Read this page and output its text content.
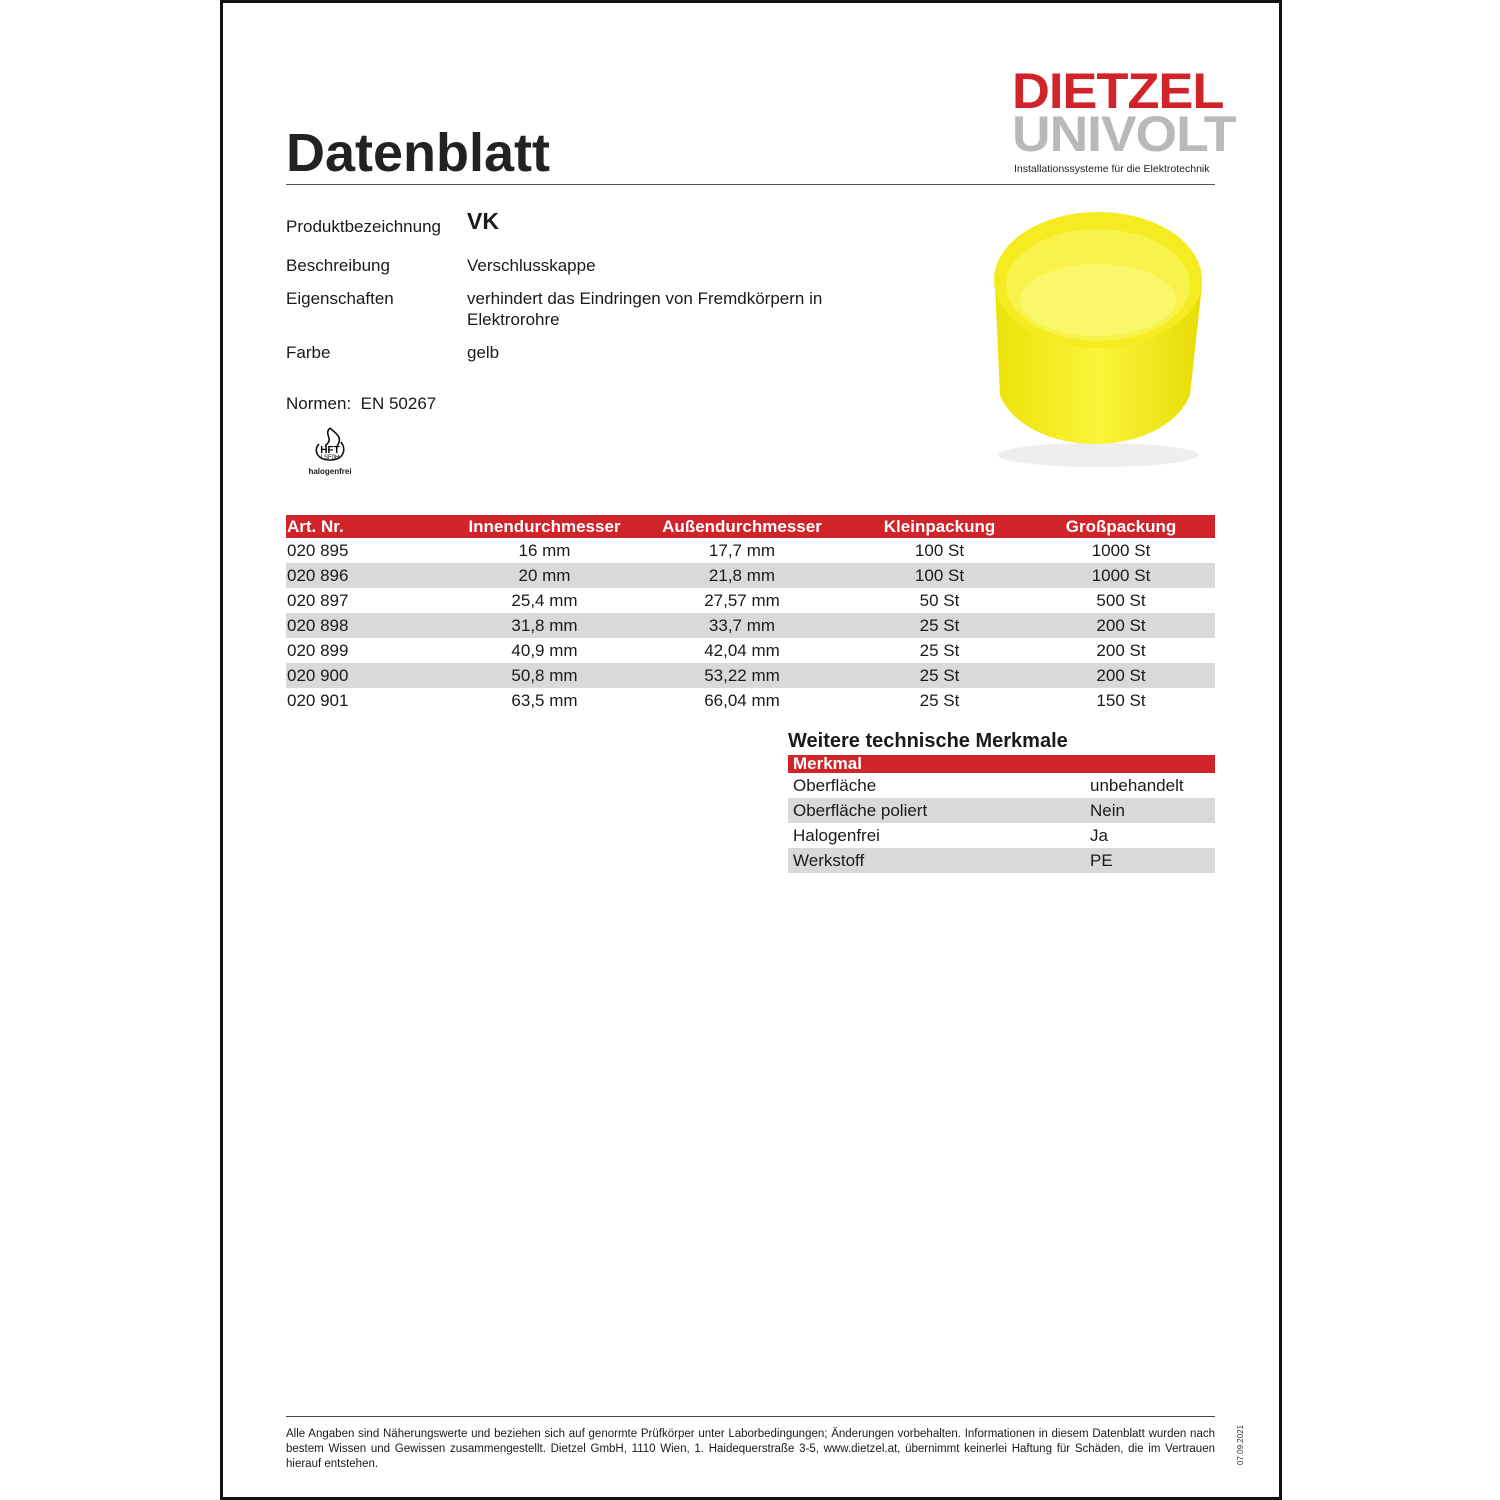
Datenblatt
DIETZEL
UNIVOLT
Installationssysteme für die Elektrotechnik
Produktbezeichnung VK
Beschreibung	Verschlusskappe
Eigenschaften	verhindert das Eindringen von Fremdkörpern in Elektrorohre
Farbe	gelb
Normen: EN 50267
HFT
LSF0H
halogenfrei
Art. Nr.	Innendurchmesser	Außendurchmesser	Kleinpackung	Großpackung
020 895	16 mm	17,7 mm	100 St	1000 St
020 896	20 mm	21,8 mm	100 St	1000 St
020 897	25,4 mm	27,57 mm	50 St	500 St
020 898	31,8 mm	33,7 mm	25 St	200 St
020 899	40,9 mm	42,04 mm	25 St	200 St
020 900	50,8 mm	53,22 mm	25 St	200 St
020 901	63,5 mm	66,04 mm	25 St	150 St
Weitere technische Merkmale
Merkmal	
Oberfläche	unbehandelt
Oberfläche poliert	Nein
Halogenfrei	Ja
Werkstoff	PE
Alle Angaben sind Näherungswerte und beziehen sich auf genormte Prüfkörper unter Laborbedingungen; Änderungen vorbehalten. Informationen in diesem Datenblatt wurden nach bestem Wissen und Gewissen zusammengestellt. Dietzel GmbH, 1110 Wien, 1. Haidequerstraße 3-5, www.dietzel.at, übernimmt keinerlei Haftung für Schäden, die im Vertrauen hierauf entstehen.	07.09.2021
